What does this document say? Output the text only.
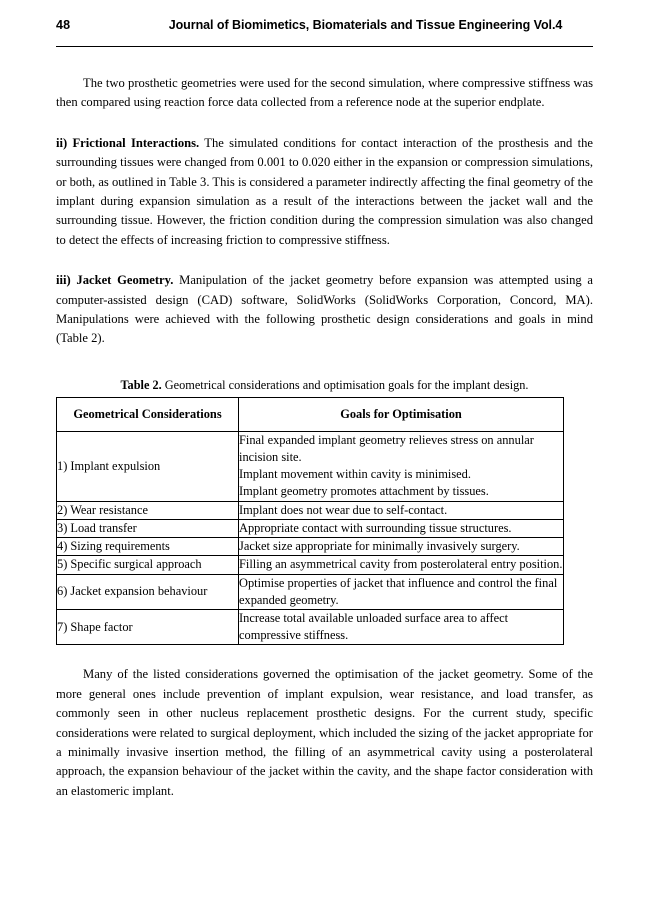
48	Journal of Biomimetics, Biomaterials and Tissue Engineering Vol.4

The two prosthetic geometries were used for the second simulation, where compressive stiffness was then compared using reaction force data collected from a reference node at the superior endplate.

ii) Frictional Interactions. The simulated conditions for contact interaction of the prosthesis and the surrounding tissues were changed from 0.001 to 0.020 either in the expansion or compression simulations, or both, as outlined in Table 3. This is considered a parameter indirectly affecting the final geometry of the implant during expansion simulation as a result of the interactions between the jacket wall and the surrounding tissue. However, the friction condition during the compression simulation was also changed to detect the effects of increasing friction to compressive stiffness.

iii) Jacket Geometry. Manipulation of the jacket geometry before expansion was attempted using a computer-assisted design (CAD) software, SolidWorks (SolidWorks Corporation, Concord, MA). Manipulations were achieved with the following prosthetic design considerations and goals in mind (Table 2).

Table 2. Geometrical considerations and optimisation goals for the implant design.

Geometrical Considerations	Goals for Optimisation
1) Implant expulsion	Final expanded implant geometry relieves stress on annular incision site.
Implant movement within cavity is minimised.
Implant geometry promotes attachment by tissues.

2) Wear resistance	Implant does not wear due to self-contact.

3) Load transfer	Appropriate contact with surrounding tissue structures.

4) Sizing requirements	Jacket size appropriate for minimally invasively surgery.

5) Specific surgical approach	Filling an asymmetrical cavity from posterolateral entry position.

6) Jacket expansion behaviour	Optimise properties of jacket that influence and control the final expanded geometry.

7) Shape factor	Increase total available unloaded surface area to affect compressive stiffness.

Many of the listed considerations governed the optimisation of the jacket geometry. Some of the more general ones include prevention of implant expulsion, wear resistance, and load transfer, as commonly seen in other nucleus replacement prosthetic designs. For the current study, specific considerations were related to surgical deployment, which included the sizing of the jacket appropriate for a minimally invasive insertion method, the filling of an asymmetrical cavity using a posterolateral approach, the expansion behaviour of the jacket within the cavity, and the shape factor consideration with an elastomeric implant.
